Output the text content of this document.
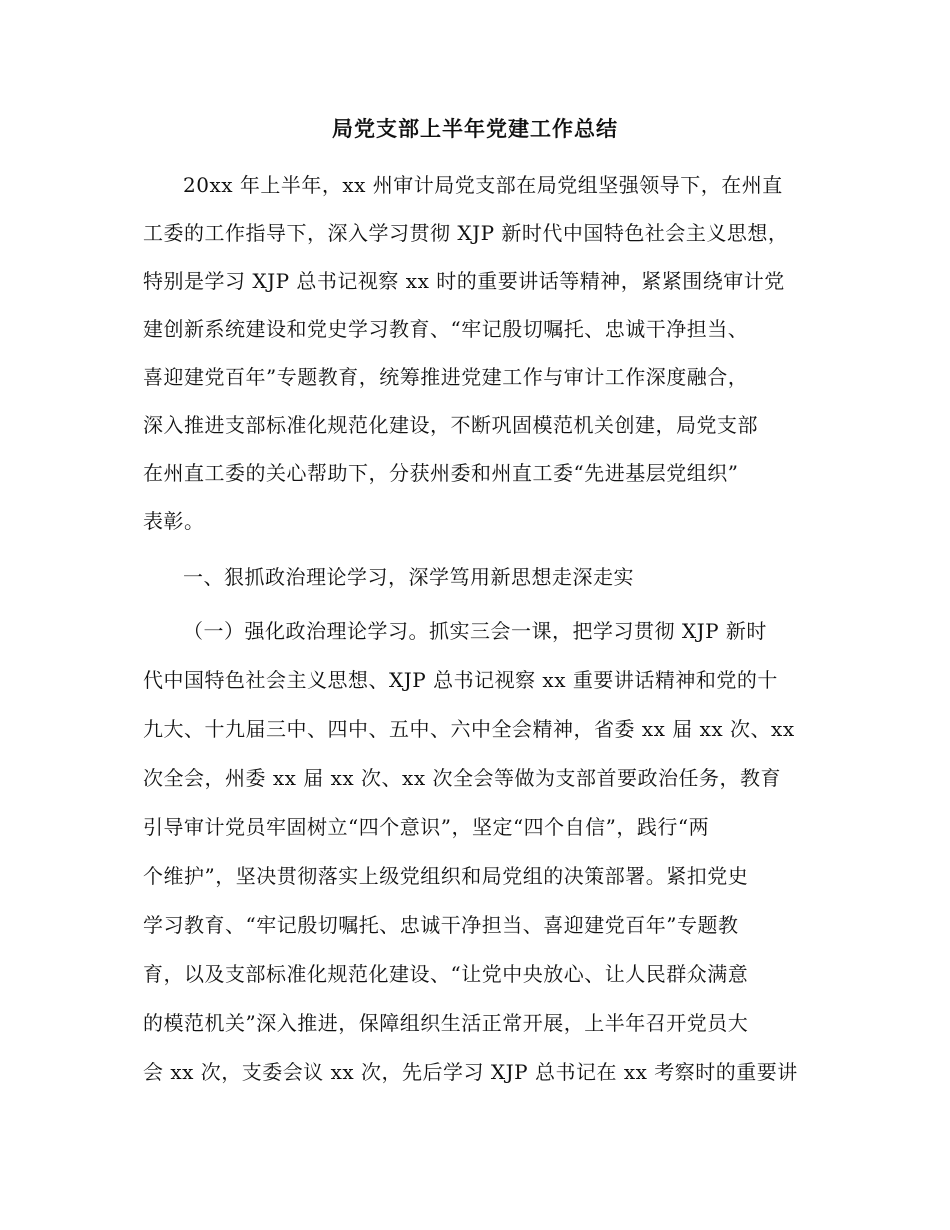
局党支部上半年党建工作总结
20xx 年上半年，xx 州审计局党支部在局党组坚强领导下，在州直
工委的工作指导下，深入学习贯彻 XJP 新时代中国特色社会主义思想，
特别是学习 XJP 总书记视察 xx 时的重要讲话等精神，紧紧围绕审计党
建创新系统建设和党史学习教育、“牢记殷切嘱托、忠诚干净担当、
喜迎建党百年”专题教育，统筹推进党建工作与审计工作深度融合，
深入推进支部标准化规范化建设，不断巩固模范机关创建，局党支部
在州直工委的关心帮助下，分获州委和州直工委“先进基层党组织”
表彰。
一、狠抓政治理论学习，深学笃用新思想走深走实
（一）强化政治理论学习。抓实三会一课，把学习贯彻 XJP 新时
代中国特色社会主义思想、XJP 总书记视察 xx 重要讲话精神和党的十
九大、十九届三中、四中、五中、六中全会精神，省委 xx 届 xx 次、xx
次全会，州委 xx 届 xx 次、xx 次全会等做为支部首要政治任务，教育
引导审计党员牢固树立“四个意识”，坚定“四个自信”，践行“两
个维护”，坚决贯彻落实上级党组织和局党组的决策部署。紧扣党史
学习教育、“牢记殷切嘱托、忠诚干净担当、喜迎建党百年”专题教
育，以及支部标准化规范化建设、“让党中央放心、让人民群众满意
的模范机关”深入推进，保障组织生活正常开展，上半年召开党员大
会 xx 次，支委会议 xx 次，先后学习 XJP 总书记在 xx 考察时的重要讲
